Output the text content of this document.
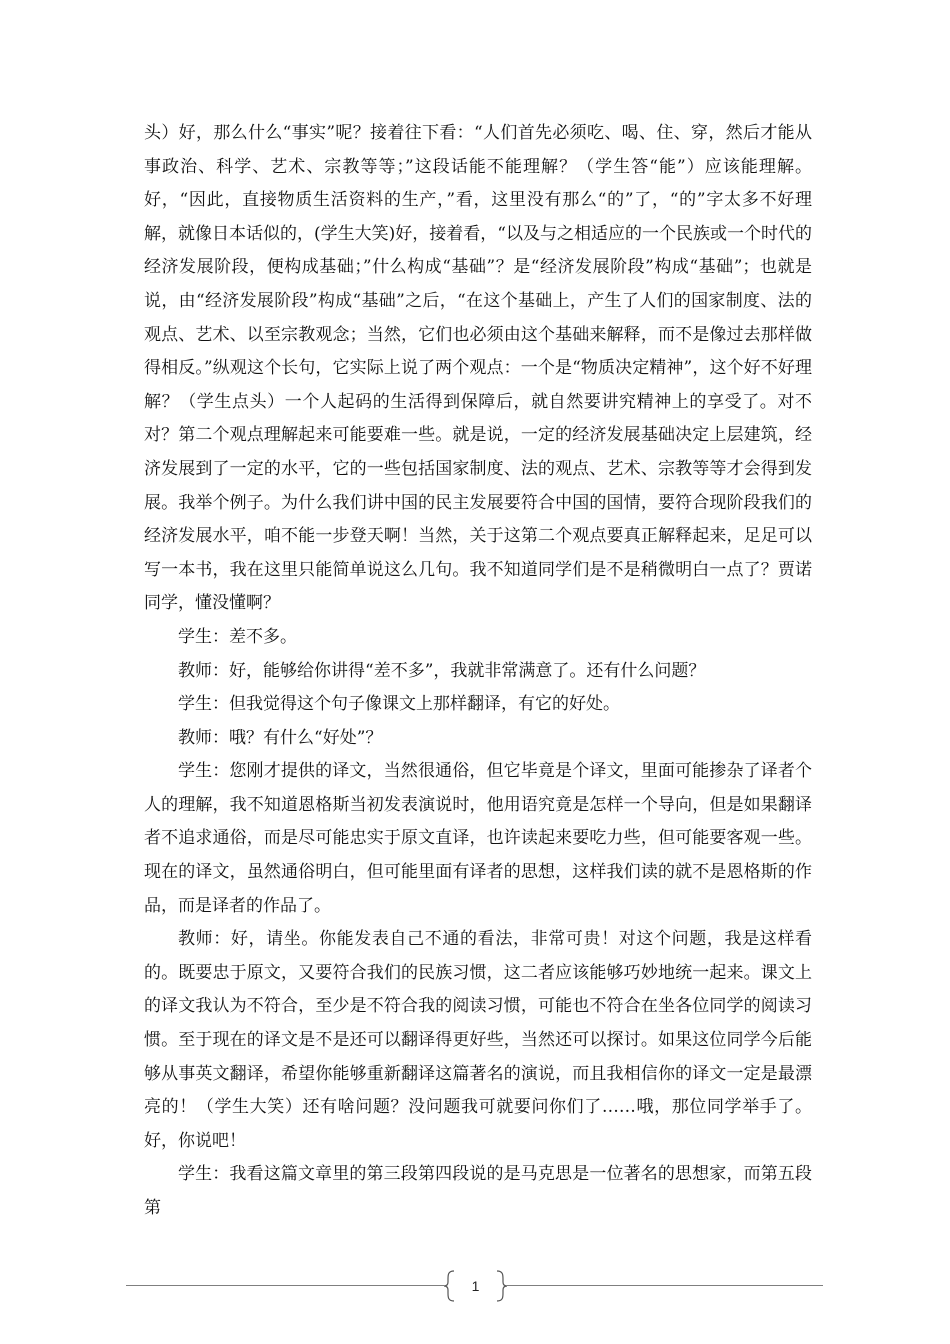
头）好，那么什么“事实”呢？接着往下看：“人们首先必须吃、喝、住、穿，然后才能从事政治、科学、艺术、宗教等等；”这段话能不能理解？（学生答“能”）应该能理解。好，“因此，直接物质生活资料的生产，”看，这里没有那么“的”了，“的”字太多不好理解，就像日本话似的，(学生大笑)好，接着看，“以及与之相适应的一个民族或一个时代的经济发展阶段，便构成基础；”什么构成“基础”？是“经济发展阶段”构成“基础”；也就是说，由“经济发展阶段”构成“基础”之后，“在这个基础上，产生了人们的国家制度、法的观点、艺术、以至宗教观念；当然，它们也必须由这个基础来解释，而不是像过去那样做得相反。”纵观这个长句，它实际上说了两个观点：一个是“物质决定精神”，这个好不好理解？（学生点头）一个人起码的生活得到保障后，就自然要讲究精神上的享受了。对不对？第二个观点理解起来可能要难一些。就是说，一定的经济发展基础决定上层建筑，经济发展到了一定的水平，它的一些包括国家制度、法的观点、艺术、宗教等等才会得到发展。我举个例子。为什么我们讲中国的民主发展要符合中国的国情，要符合现阶段我们的经济发展水平，咱不能一步登天啊！当然，关于这第二个观点要真正解释起来，足足可以写一本书，我在这里只能简单说这么几句。我不知道同学们是不是稍微明白一点了？贾诺同学，懂没懂啊？

学生：差不多。

教师：好，能够给你讲得“差不多”，我就非常满意了。还有什么问题？

学生：但我觉得这个句子像课文上那样翻译，有它的好处。

教师：哦？有什么“好处”？

学生：您刚才提供的译文，当然很通俗，但它毕竟是个译文，里面可能掺杂了译者个人的理解，我不知道恩格斯当初发表演说时，他用语究竟是怎样一个导向，但是如果翻译者不追求通俗，而是尽可能忠实于原文直译，也许读起来要吃力些，但可能要客观一些。现在的译文，虽然通俗明白，但可能里面有译者的思想，这样我们读的就不是恩格斯的作品，而是译者的作品了。

教师：好，请坐。你能发表自己不通的看法，非常可贵！对这个问题，我是这样看的。既要忠于原文，又要符合我们的民族习惯，这二者应该能够巧妙地统一起来。课文上的译文我认为不符合，至少是不符合我的阅读习惯，可能也不符合在坐各位同学的阅读习惯。至于现在的译文是不是还可以翻译得更好些，当然还可以探讨。如果这位同学今后能够从事英文翻译，希望你能够重新翻译这篇著名的演说，而且我相信你的译文一定是最漂亮的！（学生大笑）还有啥问题？没问题我可就要问你们了……哦，那位同学举手了。好，你说吧！

学生：我看这篇文章里的第三段第四段说的是马克思是一位著名的思想家，而第五段第

1
